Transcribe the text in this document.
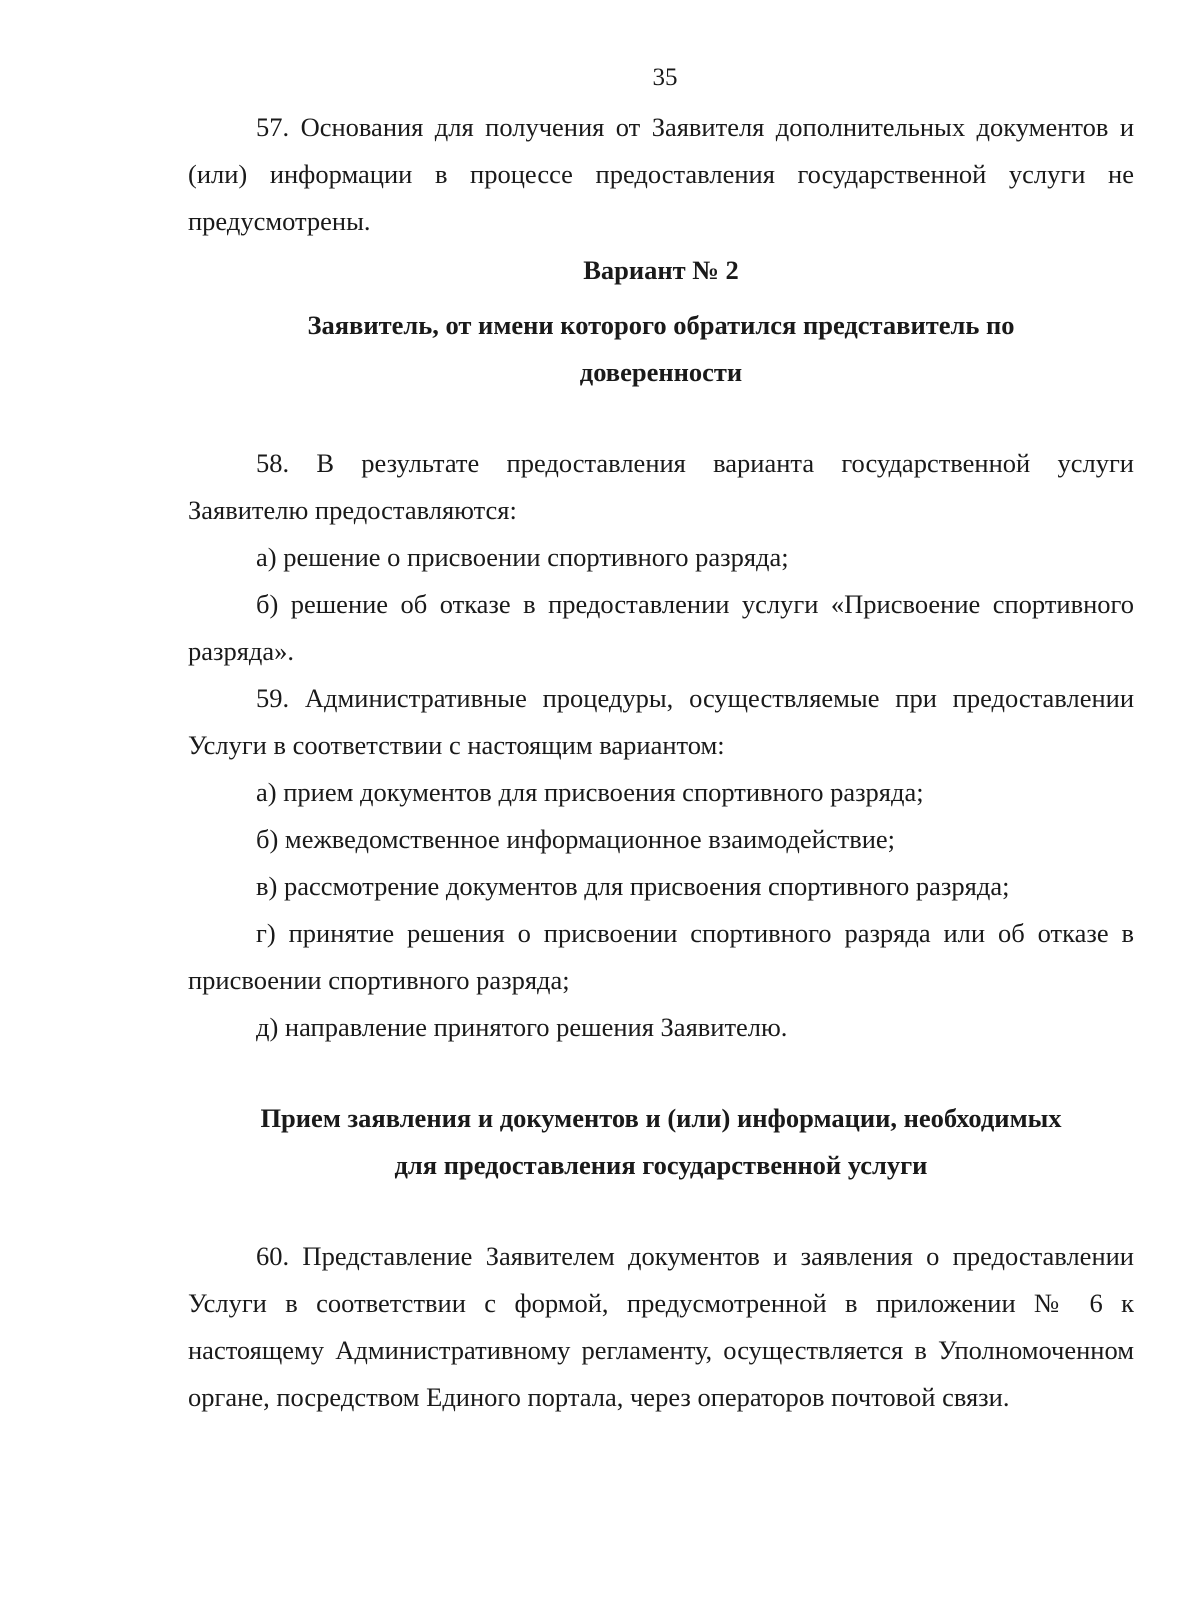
35

57. Основания для получения от Заявителя дополнительных документов и (или) информации в процессе предоставления государственной услуги не предусмотрены.

Вариант № 2
Заявитель, от имени которого обратился представитель по
доверенности

58. В результате предоставления варианта государственной услуги Заявителю предоставляются:

а) решение о присвоении спортивного разряда;

б) решение об отказе в предоставлении услуги «Присвоение спортивного разряда».

59. Административные процедуры, осуществляемые при предоставлении Услуги в соответствии с настоящим вариантом:

а) прием документов для присвоения спортивного разряда;

б) межведомственное информационное взаимодействие;

в) рассмотрение документов для присвоения спортивного разряда;

г) принятие решения о присвоении спортивного разряда или об отказе в присвоении спортивного разряда;

д) направление принятого решения Заявителю.

Прием заявления и документов и (или) информации, необходимых
для предоставления государственной услуги

60. Представление Заявителем документов и заявления о предоставлении Услуги в соответствии с формой, предусмотренной в приложении № 6 к настоящему Административному регламенту, осуществляется в Уполномоченном органе, посредством Единого портала, через операторов почтовой связи.
